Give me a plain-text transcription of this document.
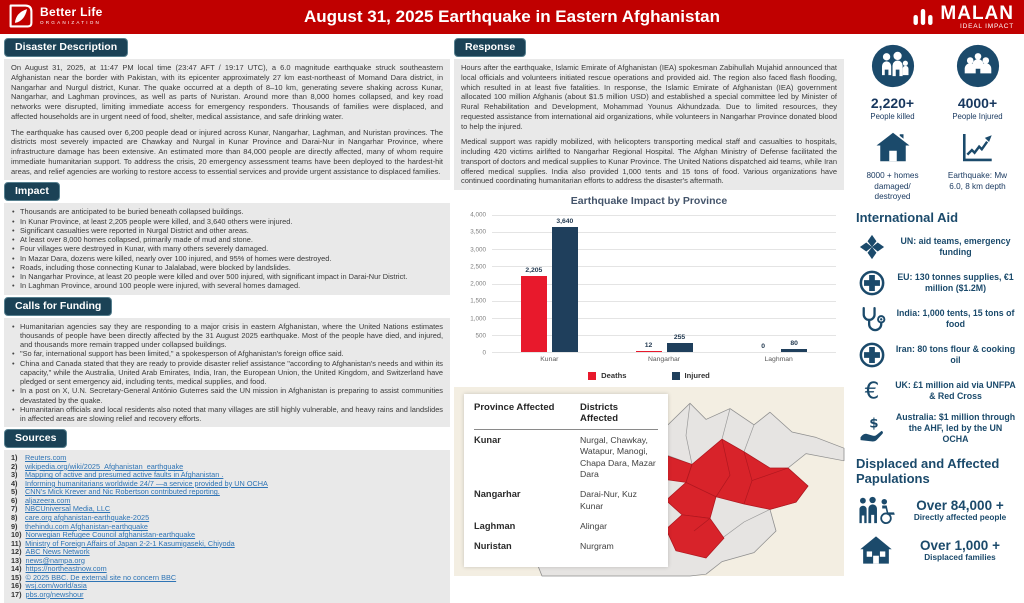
Better Life
ORGANIZATION	August 31, 2025 Earthquake in Eastern Afghanistan	MALAN
IDEAL IMPACT
Disaster Description

On August 31, 2025, at 11:47 PM local time (23:47 AFT / 19:17 UTC), a 6.0 magnitude earthquake struck southeastern Afghanistan near the border with Pakistan, with its epicenter approximately 27 km east-northeast of Momand Dara district, in Nangarhar and Nurgul district, Kunar. The quake occurred at a depth of 8–10 km, generating severe shaking across Kunar, Nangarhar, and Laghman provinces, as well as parts of Nuristan. Around more than 8,000 homes collapsed, and key road networks were disrupted, limiting immediate access for emergency responders. Thousands of families were displaced, and affected households are in urgent need of food, shelter, medical assistance, and safe drinking water.

The earthquake has caused over 6,200 people dead or injured across Kunar, Nangarhar, Laghman, and Nuristan provinces. The districts most severely impacted are Chawkay and Nurgal in Kunar Province and Darai-Nur in Nangarhar Province, where infrastructure damage has been extensive. An estimated more than 84,000 people are directly affected, many of whom require immediate humanitarian support. To address the crisis, 20 emergency assessment teams have been deployed to the hardest-hit areas, and relief agencies are working to restore access to essential services and provide urgent assistance to displaced families.

Impact
• Thousands are anticipated to be buried beneath collapsed buildings.
• In Kunar Province, at least 2,205 people were killed, and 3,640 others were injured.
• Significant casualties were reported in Nurgal District and other areas.
• At least over 8,000 homes collapsed, primarily made of mud and stone.
• Four villages were destroyed in Kunar, with many others severely damaged.
• In Mazar Dara, dozens were killed, nearly over 100 injured, and 95% of homes were destroyed.
• Roads, including those connecting Kunar to Jalalabad, were blocked by landslides.
• In Nangarhar Province, at least 20 people were killed and over 500 injured, with significant impact in Darai-Nur District.
• In Laghman Province, around 100 people were injured, with several homes damaged.
Calls for Funding
• Humanitarian agencies say they are responding to a major crisis in eastern Afghanistan, where the United Nations estimates thousands of people have been directly affected by the 31 August 2025 earthquake. Most of the people have died, and injured, and thousands more remain trapped under collapsed buildings.
• "So far, international support has been limited," a spokesperson of Afghanistan's foreign office said.
• China and Canada stated that they are ready to provide disaster relief assistance "according to Afghanistan's needs and within its capacity," while the Australia, United Arab Emirates, India, Iran, the European Union, the United Kingdom, and Switzerland have pledged or sent emergency aid, including tents, medical supplies, and food.
• In a post on X, U.N. Secretary-General António Guterres said the UN mission in Afghanistan is preparing to assist communities devastated by the quake.
• Humanitarian officials and local residents also noted that many villages are still highly vulnerable, and heavy rains and landslides in affected areas are slowing relief and recovery efforts.
Sources
1)	Reuters.com
2)	wikipedia.org/wiki/2025_Afghanistan_earthquake
3)	Mapping of active and presumed active faults in Afghanistan .
4)	Informing humanitarians worldwide 24/7 —a service provided by UN OCHA
5)	CNN's Mick Krever and Nic Robertson contributed reporting.
6)	aljazeera.com
7)	NBCUniversal Media, LLC
8)	care.org afghanistan-earthquake-2025
9)	thehindu.com Afghanistan-earthquake
10) Norwegian Refugee Council afghanistan-earthquake
11) Ministry of Foreign Affairs of Japan 2-2-1 Kasumigaseki, Chiyoda
12) ABC News Network
13) news@nampa.org
14) https://northeastnow.com
15) © 2025 BBC. De external site no concern BBC
16) wsj.com/world/asia
17) pbs.org/newshour
Response

Hours after the earthquake, Islamic Emirate of Afghanistan (IEA) spokesman Zabihullah Mujahid announced that local officials and volunteers initiated rescue operations and provided aid. The region also faced flash flooding, which resulted in at least five fatalities. In response, the Islamic Emirate of Afghanistan (IEA) government allocated 100 million Afghanis (about $1.5 million USD) and established a special committee led by Minister of Rural Rehabilitation and Development, Mohammad Younus Akhundzada. Due to limited resources, they requested assistance from international aid organizations, while volunteers in Nangarhar Province donated blood to help the injured.

Medical support was rapidly mobilized, with helicopters transporting medical staff and casualties to hospitals, including 420 victims airlifted to Nangarhar Regional Hospital. The Afghan Ministry of Defense facilitated the transport of doctors and medical supplies to Kunar Province. The United Nations dispatched aid teams, while Iran offered medical supplies. India also provided 1,000 tents and 15 tons of food. Various organizations have continued coordinating humanitarian efforts to address the disaster's aftermath.

Earthquake Impact by Province
4,000
3,500
3,000
2,500
2,000
1,500
1,000
500
0
2,205
3,640
12
255
0	80
Kunar	Nangarhar	Laghman
Deaths	Injured
Province Affected	Districts Affected
Kunar	Nurgal, Chawkay, Watapur, Manogi, Chapa Dara, Mazar Dara
Nangarhar	Darai-Nur, Kuz Kunar
Laghman	Alingar
Nuristan	Nurgram
2,220+
People killed
4000+
People Injured
8000 + homes damaged/ destroyed
Earthquake: Mw 6.0, 8 km depth
International Aid
UN: aid teams, emergency funding
EU: 130 tonnes supplies, €1 million ($1.2M)
India: 1,000 tents, 15 tons of food
Iran: 80 tons flour & cooking oil
€ UK: £1 million aid via UNFPA & Red Cross
$ Australia: $1 million through the AHF, led by the UN OCHA
Displaced and Affected Papulations
Over 84,000 +
Directly affected people
Over 1,000 +
Displaced families
